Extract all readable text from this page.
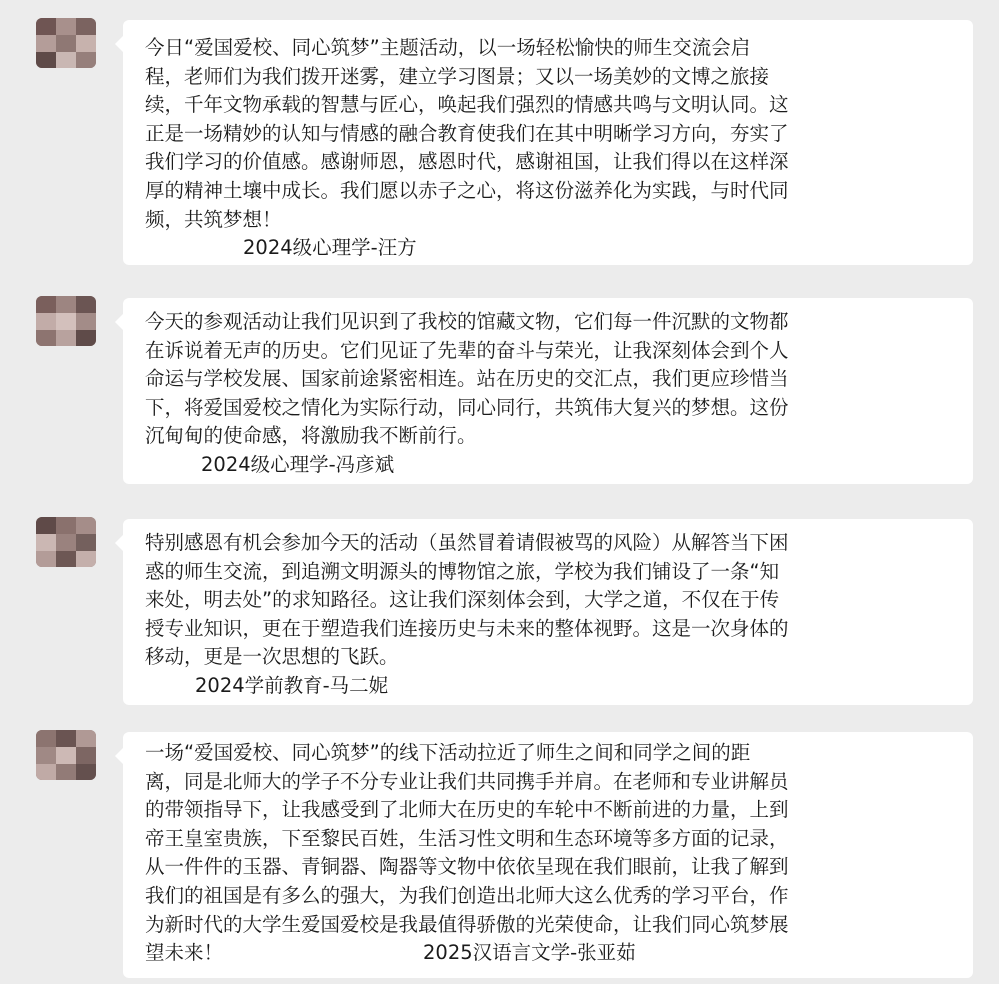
今日“爱国爱校、同心筑梦”主题活动，以一场轻松愉快的师生交流会启
程，老师们为我们拨开迷雾，建立学习图景；又以一场美妙的文博之旅接
续，千年文物承载的智慧与匠心，唤起我们强烈的情感共鸣与文明认同。这
正是一场精妙的认知与情感的融合教育使我们在其中明晰学习方向，夯实了
我们学习的价值感。感谢师恩，感恩时代，感谢祖国，让我们得以在这样深
厚的精神土壤中成长。我们愿以赤子之心，将这份滋养化为实践，与时代同
频，共筑梦想！
2024级心理学-汪方
今天的参观活动让我们见识到了我校的馆藏文物，它们每一件沉默的文物都
在诉说着无声的历史。它们见证了先辈的奋斗与荣光，让我深刻体会到个人
命运与学校发展、国家前途紧密相连。站在历史的交汇点，我们更应珍惜当
下，将爱国爱校之情化为实际行动，同心同行，共筑伟大复兴的梦想。这份
沉甸甸的使命感，将激励我不断前行。
2024级心理学-冯彦斌
特别感恩有机会参加今天的活动（虽然冒着请假被骂的风险）从解答当下困
惑的师生交流，到追溯文明源头的博物馆之旅，学校为我们铺设了一条“知
来处，明去处”的求知路径。这让我们深刻体会到，大学之道，不仅在于传
授专业知识，更在于塑造我们连接历史与未来的整体视野。这是一次身体的
移动，更是一次思想的飞跃。
2024学前教育-马二妮
一场“爱国爱校、同心筑梦”的线下活动拉近了师生之间和同学之间的距
离，同是北师大的学子不分专业让我们共同携手并肩。在老师和专业讲解员
的带领指导下，让我感受到了北师大在历史的车轮中不断前进的力量，上到
帝王皇室贵族，下至黎民百姓，生活习性文明和生态环境等多方面的记录，
从一件件的玉器、青铜器、陶器等文物中依依呈现在我们眼前，让我了解到
我们的祖国是有多么的强大，为我们创造出北师大这么优秀的学习平台，作
为新时代的大学生爱国爱校是我最值得骄傲的光荣使命，让我们同心筑梦展
望未来！	2025汉语言文学-张亚茹
